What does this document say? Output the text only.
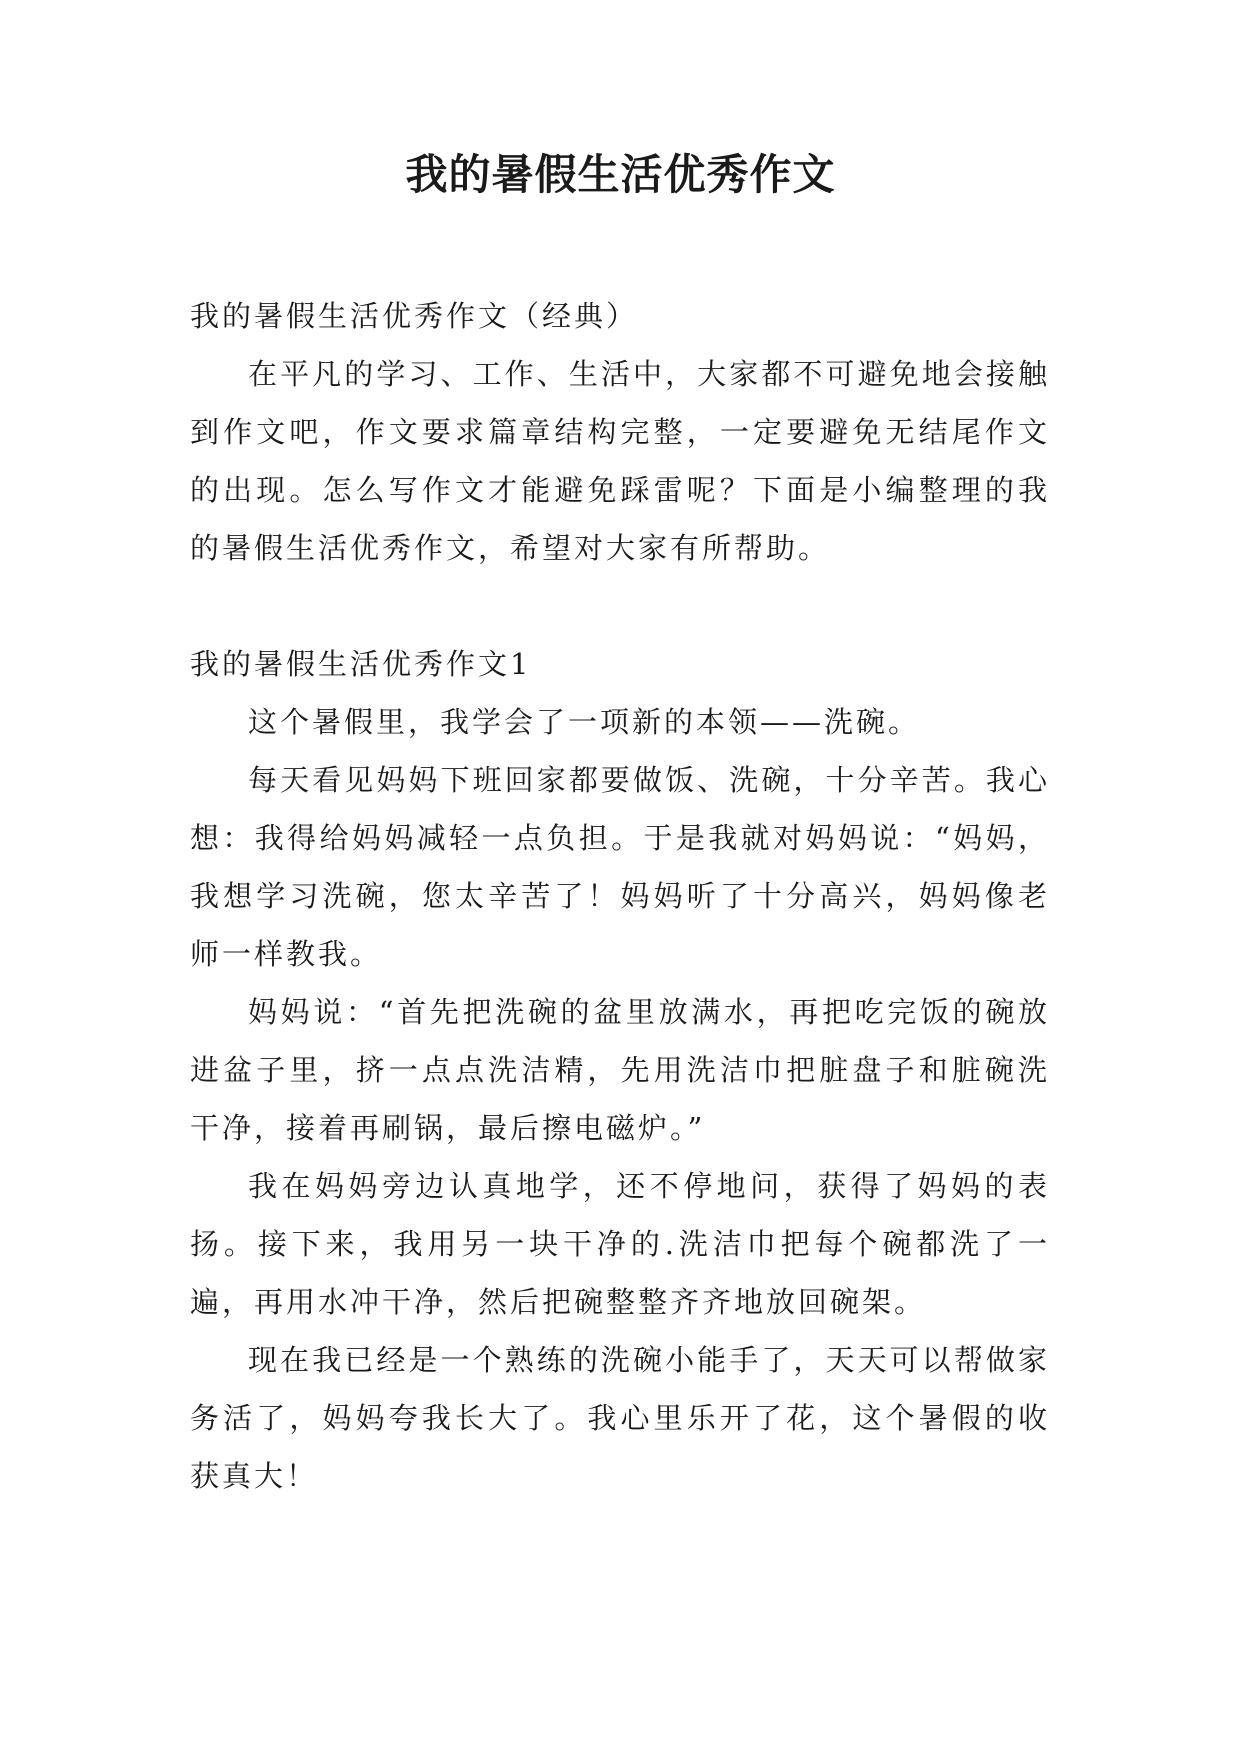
我的暑假生活优秀作文

我的暑假生活优秀作文（经典）

在平凡的学习、工作、生活中，大家都不可避免地会接触到作文吧，作文要求篇章结构完整，一定要避免无结尾作文的出现。怎么写作文才能避免踩雷呢？下面是小编整理的我的暑假生活优秀作文，希望对大家有所帮助。

我的暑假生活优秀作文1

这个暑假里，我学会了一项新的本领——洗碗。

每天看见妈妈下班回家都要做饭、洗碗，十分辛苦。我心想：我得给妈妈减轻一点负担。于是我就对妈妈说：“妈妈，我想学习洗碗，您太辛苦了！妈妈听了十分高兴，妈妈像老师一样教我。

妈妈说：“首先把洗碗的盆里放满水，再把吃完饭的碗放进盆子里，挤一点点洗洁精，先用洗洁巾把脏盘子和脏碗洗干净，接着再刷锅，最后擦电磁炉。”

我在妈妈旁边认真地学，还不停地问，获得了妈妈的表扬。接下来，我用另一块干净的.洗洁巾把每个碗都洗了一遍，再用水冲干净，然后把碗整整齐齐地放回碗架。

现在我已经是一个熟练的洗碗小能手了，天天可以帮做家务活了，妈妈夸我长大了。我心里乐开了花，这个暑假的收获真大！
